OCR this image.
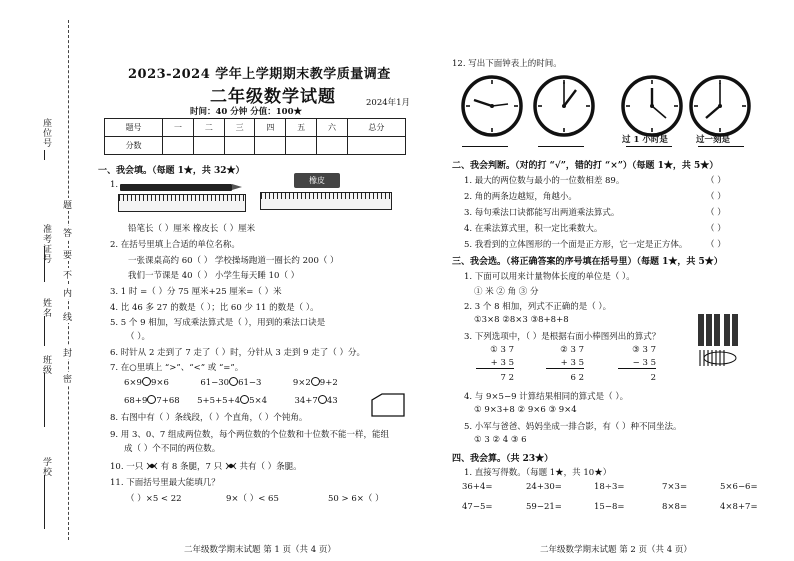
座位号
准考证号
姓名
班级
学校
题
答
要
不
内
线
封
密
2023-2024 学年上学期期末教学质量调查
二年级数学试题	2024年1月
时间：40 分钟 分值：100★
题号	一	二	三	四	五	六	总分
分数							
一、我会填。（每题 1★，共 32★）
1.	橡皮
铅笔长（ ）厘米 橡皮长（ ）厘米
2. 在括号里填上合适的单位名称。
一张课桌高约 60（ ） 学校操场跑道一圈长约 200（ ）
我们一节课是 40（ ） 小学生每天睡 10（ ）
3. 1 时 =（ ）分 75 厘米+25 厘米=（ ）米
4. 比 46 多 27 的数是（ ）；比 60 少 11 的数是（ ）。
5. 5 个 9 相加，写成乘法算式是（ ），用到的乘法口诀是
（ ）。
6. 时针从 2 走到了 7 走了（ ）时，分针从 3 走到 9 走了（ ）分。
7. 在○里填上 “>”、“<” 或 “=”。
6×9 9×6	61−30 61−3	9×2 9+2
68+9 7+68 5+5+5+4 5×4	34+7 43
8. 右图中有（ ）条线段，（ ）个直角，（ ）个钝角。
9. 用 3、0、7 组成两位数，每个两位数的个位数和十位数不能一样，能组
成（ ）个不同的两位数。
10. 一只 有 8 条腿，7 只 共有（ ）条腿。
11. 下面括号里最大能填几？
（ ）×5 < 22	9×（ ）< 65	50 > 6×（ ）
二年级数学期末试题 第 1 页（共 4 页）
12. 写出下面钟表上的时间。
过 1 小时是	过一刻是
二、我会判断。（对的打 “√”，错的打 “×”）（每题 1★，共 5★）
1. 最大的两位数与最小的一位数相差 89。	（ ）
2. 角的两条边越短，角越小。	（ ）
3. 每句乘法口诀都能写出两道乘法算式。	（ ）
4. 在乘法算式里，积一定比乘数大。	（ ）
5. 我看到的立体图形的一个面是正方形，它一定是正方体。 （ ）
三、我会选。（将正确答案的序号填在括号里）（每题 1★，共 5★）
1. 下面可以用来计量物体长度的单位是（ ）。
① 米 ② 角 ③ 分
2. 3 个 8 相加，列式不正确的是（ ）。
①3×8 ②8×3 ③8+8+8
3. 下列选项中，（ ）是根据右面小棒图列出的算式？
① 3 7
+ 3 5
7 2
② 3 7
+ 3 5
6 2
③ 3 7
− 3 5
2
4. 与 9×5−9 计算结果相同的算式是（ ）。
① 9×3+8 ② 9×6 ③ 9×4
5. 小军与爸爸、妈妈坐成一排合影，有（ ）种不同坐法。
① 3 ② 4 ③ 6
四、我会算。（共 23★）
1. 直接写得数。（每题 1★，共 10★）
36+4=	24+30=	18÷3=	7×3=	5×6−6=
47−5=	59−21=	15−8=	8×8=	4×8+7=
二年级数学期末试题 第 2 页（共 4 页）
